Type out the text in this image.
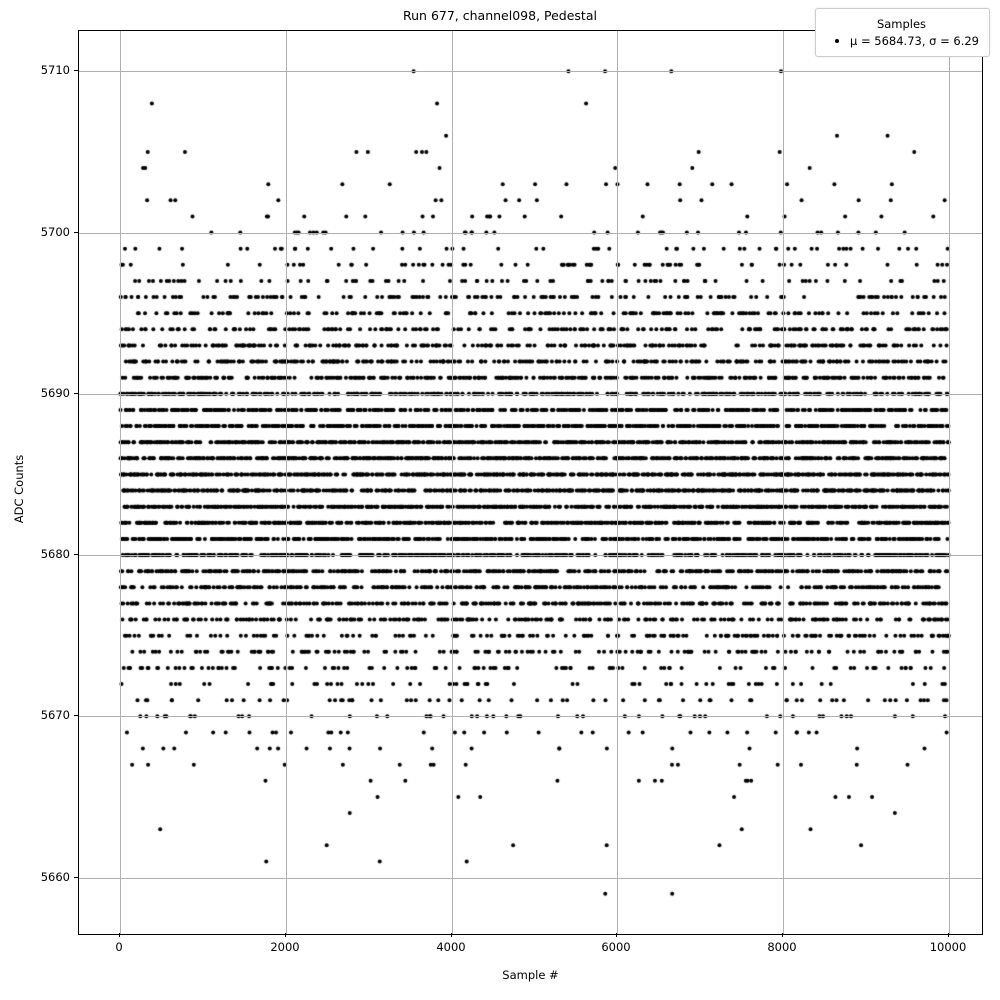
Run 677, channel098, Pedestal
Sample #
ADC Counts
Samples
μ = 5684.73, σ = 6.29
0	2000	4000	6000	8000	10000
5660
5670
5680
5690
5700
5710
